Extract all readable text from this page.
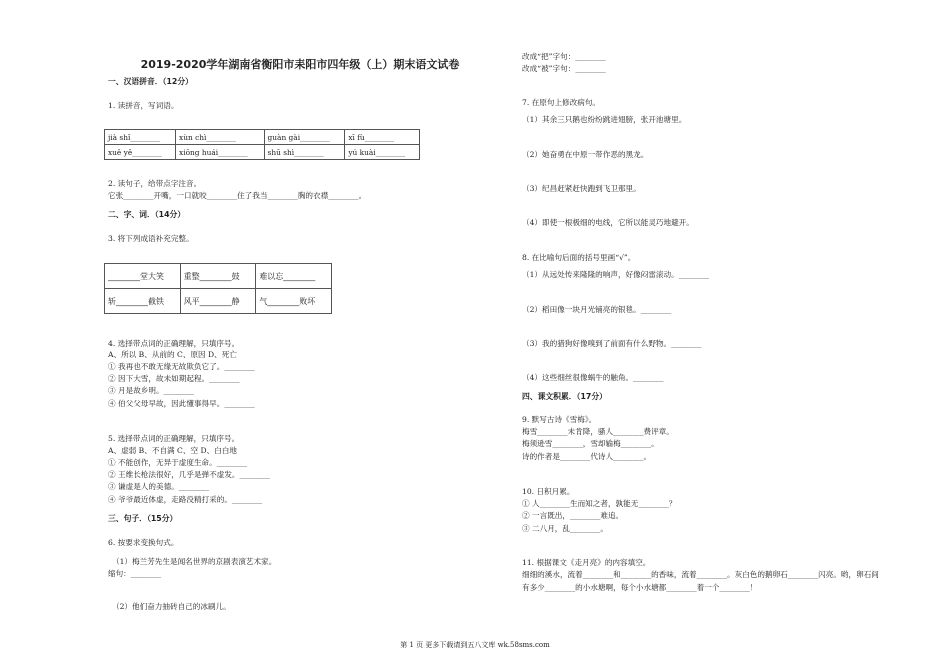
2019-2020学年湖南省衡阳市耒阳市四年级（上）期末语文试卷
一、汉语拼音．（12分）
1. 读拼音，写词语。
jià shǐ________	xùn chì________	guàn gài________	xī fù________
xuě yě________	xiōng huái________	shū shì________	yú kuài________
2. 读句子，给带点字注音。
它张________开嘴，一口就咬________住了我当________胸的衣襟________。
二、字、词．（14分）
3. 将下列成语补充完整。
________堂大笑	重整________鼓	难以忘________
斩________截铁	风平________静	气________败坏
4. 选择带点词的正确理解，只填序号。
A、所以 B、从前的 C、原因 D、死亡
① 我再也不敢无缘无故欺负它了。________
② 因下大雪，故未如期起程。________
③ 月是故乡明。________
④ 伯父父母早故，因此懂事得早。________
5. 选择带点词的正确理解，只填序号。
A、虚弱 B、不自满 C、空 D、白白地
① 不能创作，无异于虚度生命。________
② 王维长枪法很好，几乎是弹不虚发。________
③ 谦虚是人的美德。________
④ 爷爷最近体虚，走路没精打采的。________
三、句子．（15分）
6. 按要求变换句式。
（1）梅兰芳先生是闻名世界的京剧表演艺术家。
缩句：________
（2）他们奋力抽砖自己的冰刷儿。
改成“把”字句：________
改成“被”字句：________
7. 在原句上修改病句。
（1）其余三只鹅也纷纷跳进翅膀，张开池塘里。
（2）她奋勇在中原一带作恶的黑龙。
（3）纪昌赶紧赶快跑到飞卫那里。
（4）即使一根极细的电线，它所以能灵巧地避开。
8. 在比喻句后面的括号里画“√”。
（1）从远处传来隆隆的响声，好像闷雷滚动。________
（2）稻田像一块月光铺亮的银毯。________
（3）我的猎狗好像嗅到了前面有什么野物。________
（4）这些细丝很像蜗牛的触角。________
四、课文积累．（17分）
9. 默写古诗《雪梅》。
梅雪________未肯降，骚人________费评章。
梅须逊雪________，雪却输梅________。
诗的作者是________代诗人________。
10. 日积月累。
① 人________生而知之者，孰能无________？
② 一言既出，________难追。
③ 二八月，乱________。
11. 根据课文《走月亮》的内容填空。
细细的溪水，流着________和________的香味，流着________。灰白色的鹅卵石________闪亮。哟，卵石间
有多少________的小水塘啊，每个小水塘都________着一个________！
第 1 页 更多下载请到五八文库 wk.58sms.com
